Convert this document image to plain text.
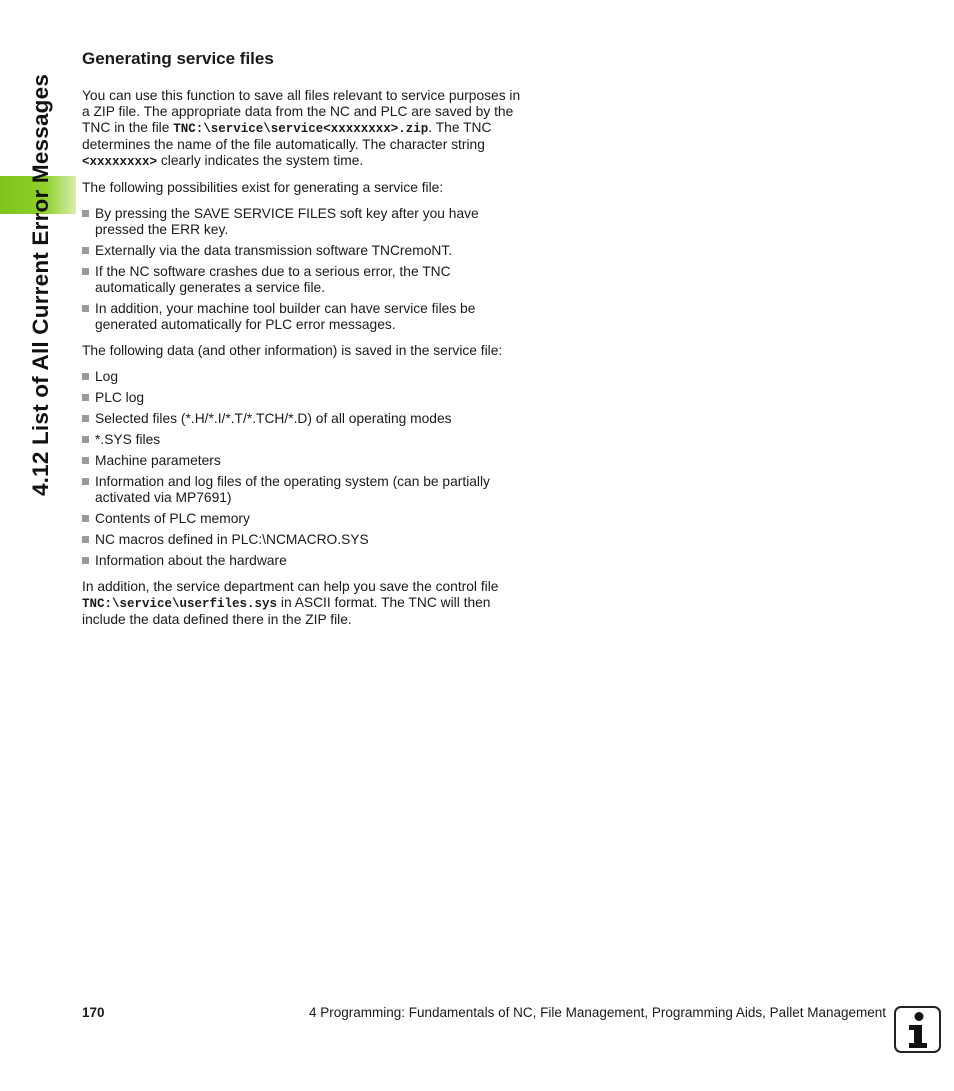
4.12 List of All Current Error Messages
Generating service files

You can use this function to save all files relevant to service purposes in a ZIP file. The appropriate data from the NC and PLC are saved by the TNC in the file TNC:\service\service<xxxxxxxx>.zip. The TNC determines the name of the file automatically. The character string <xxxxxxxx> clearly indicates the system time.

The following possibilities exist for generating a service file:

By pressing the SAVE SERVICE FILES soft key after you have pressed the ERR key.
Externally via the data transmission software TNCremoNT.
If the NC software crashes due to a serious error, the TNC automatically generates a service file.
In addition, your machine tool builder can have service files be generated automatically for PLC error messages.

The following data (and other information) is saved in the service file:

Log
PLC log
Selected files (*.H/*.I/*.T/*.TCH/*.D) of all operating modes
*.SYS files
Machine parameters
Information and log files of the operating system (can be partially activated via MP7691)
Contents of PLC memory
NC macros defined in PLC:\NCMACRO.SYS
Information about the hardware

In addition, the service department can help you save the control file TNC:\service\userfiles.sys in ASCII format. The TNC will then include the data defined there in the ZIP file.

170	4 Programming: Fundamentals of NC, File Management, Programming Aids, Pallet Management
